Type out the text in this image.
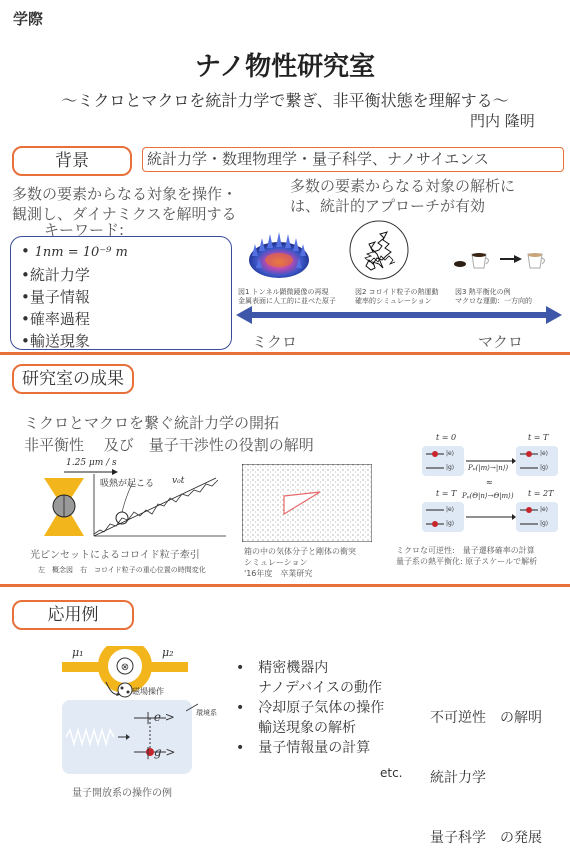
学際
ナノ物性研究室
〜ミクロとマクロを統計力学で繋ぎ、非平衡状態を理解する〜
門内 隆明
背景	統計力学・数理物理学・量子科学、ナノサイエンス
多数の要素からなる対象を操作・
観測し、ダイナミクスを解明する
多数の要素からなる対象の解析に
は、統計的アプローチが有効
キーワード:
• 1nm = 10⁻⁹ m
•統計力学
•量子情報
•確率過程
•輸送現象
図1 トンネル顕微鏡像の再現
金属表面に人工的に並べた原子
図2 コロイド粒子の熱運動
確率的シミュレーション
図3 熱平衡化の例
マクロな運動：一方向的
ミクロ	マクロ
研究室の成果
ミクロとマクロを繋ぐ統計力学の開拓
非平衡性　 及び　量子干渉性の役割の解明
1.25 μm / s
吸熱が起こる v₀t
光ピンセットによるコロイド粒子牽引
左　概念図　右　コロイド粒子の重心位置の時間変化
箱の中の気体分子と剛体の衝突
シミュレーション
'16年度　卒業研究
t = 0	t = T
t = T	t = 2T
|e⟩
|g⟩
|e⟩
|g⟩
|e⟩
|g⟩
|e⟩
|g⟩
Pₚ(|m⟩→|n⟩)
≈
Pₚ(Θ|n⟩→Θ|m⟩)
ミクロな可逆性:　量子遷移確率の計算
量子系の熱平衡化: 原子スケールで解析
応用例
⊗
μ₁	μ₂
磁場操作
| e >
| g >
環境系
量子開放系の操作の例
•　精密機器内
ナノデバイスの動作
•　冷却原子気体の操作
輸送現象の解析
•　量子情報量の計算
etc.

不可逆性　の解明

統計力学

量子科学　の発展
